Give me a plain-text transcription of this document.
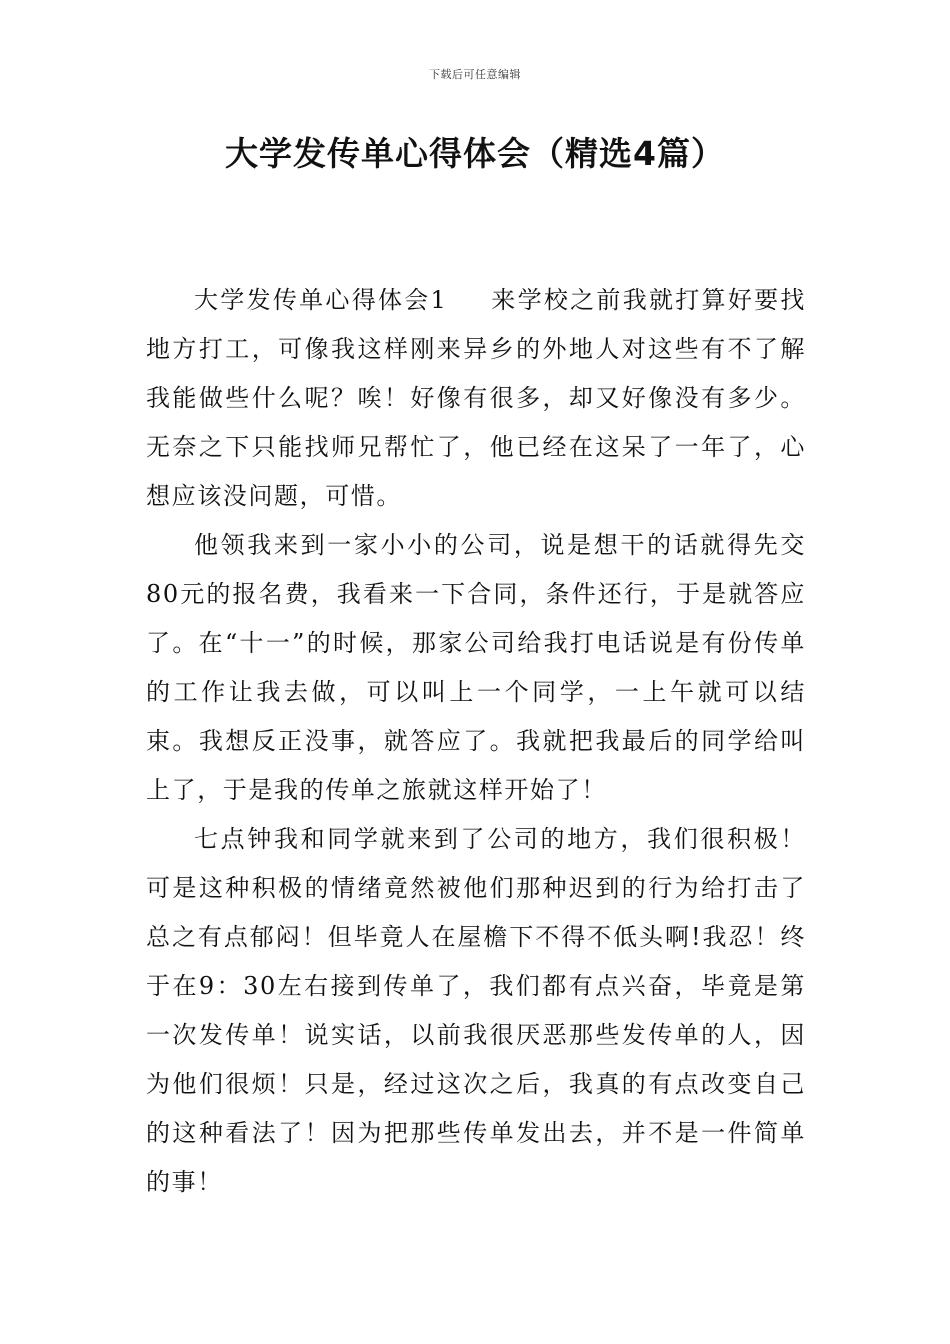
下载后可任意编辑
大学发传单心得体会（精选4篇）

大学发传单心得体会1 来学校之前我就打算好要找地方打工，可像我这样刚来异乡的外地人对这些有不了解我能做些什么呢？唉！好像有很多，却又好像没有多少。无奈之下只能找师兄帮忙了，他已经在这呆了一年了，心想应该没问题，可惜。

他领我来到一家小小的公司，说是想干的话就得先交80元的报名费，我看来一下合同，条件还行，于是就答应了。在“十一”的时候，那家公司给我打电话说是有份传单的工作让我去做，可以叫上一个同学，一上午就可以结束。我想反正没事，就答应了。我就把我最后的同学给叫上了，于是我的传单之旅就这样开始了！

七点钟我和同学就来到了公司的地方，我们很积极！可是这种积极的情绪竟然被他们那种迟到的行为给打击了总之有点郁闷！但毕竟人在屋檐下不得不低头啊!我忍！终于在9：30左右接到传单了，我们都有点兴奋，毕竟是第一次发传单！说实话，以前我很厌恶那些发传单的人，因为他们很烦！只是，经过这次之后，我真的有点改变自己的这种看法了！因为把那些传单发出去，并不是一件简单的事！
